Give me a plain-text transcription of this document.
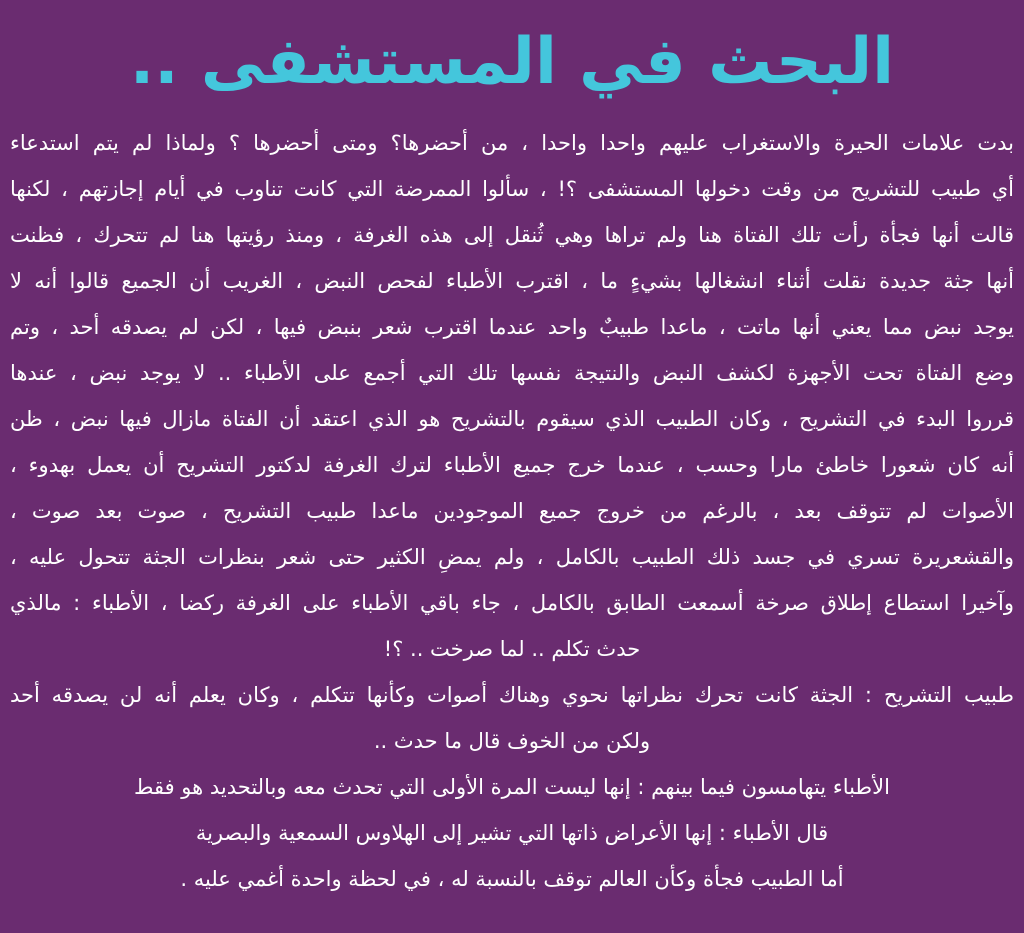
البحث في المستشفى ..
بدت علامات الحيرة والاستغراب عليهم واحدا واحدا ، من أحضرها؟ ومتى أحضرها ؟ ولماذا لم يتم استدعاء
أي طبيب للتشريح من وقت دخولها المستشفى ؟! ، سألوا الممرضة التي كانت تناوب في أيام إجازتهم ، لكنها
قالت أنها فجأة رأت تلك الفتاة هنا ولم تراها وهي ثُنقل إلى هذه الغرفة ، ومنذ رؤيتها هنا لم تتحرك ، فظنت
أنها جثة جديدة نقلت أثناء انشغالها بشيءٍ ما ، اقترب الأطباء لفحص النبض ، الغريب أن الجميع قالوا أنه لا
يوجد نبض مما يعني أنها ماتت ، ماعدا طبيبٌ واحد عندما اقترب شعر بنبض فيها ، لكن لم يصدقه أحد ، وتم
وضع الفتاة تحت الأجهزة لكشف النبض والنتيجة نفسها تلك التي أجمع على الأطباء .. لا يوجد نبض ، عندها
قرروا البدء في التشريح ، وكان الطبيب الذي سيقوم بالتشريح هو الذي اعتقد أن الفتاة مازال فيها نبض ، ظن
أنه كان شعورا خاطئ مارا وحسب ، عندما خرج جميع الأطباء لترك الغرفة لدكتور التشريح أن يعمل بهدوء ،
الأصوات لم تتوقف بعد ، بالرغم من خروج جميع الموجودين ماعدا طبيب التشريح ، صوت بعد صوت ،
والقشعريرة تسري في جسد ذلك الطبيب بالكامل ، ولم يمضِ الكثير حتى شعر بنظرات الجثة تتحول عليه ،
وآخيرا استطاع إطلاق صرخة أسمعت الطابق بالكامل ، جاء باقي الأطباء على الغرفة ركضا ، الأطباء : مالذي
حدث تكلم .. لما صرخت .. ؟!
طبيب التشريح : الجثة كانت تحرك نظراتها نحوي وهناك أصوات وكأنها تتكلم ، وكان يعلم أنه لن يصدقه أحد
ولكن من الخوف قال ما حدث ..
الأطباء يتهامسون فيما بينهم : إنها ليست المرة الأولى التي تحدث معه وبالتحديد هو فقط
قال الأطباء : إنها الأعراض ذاتها التي تشير إلى الهلاوس السمعية والبصرية
أما الطبيب فجأة وكأن العالم توقف بالنسبة له ، في لحظة واحدة أغمي عليه .
